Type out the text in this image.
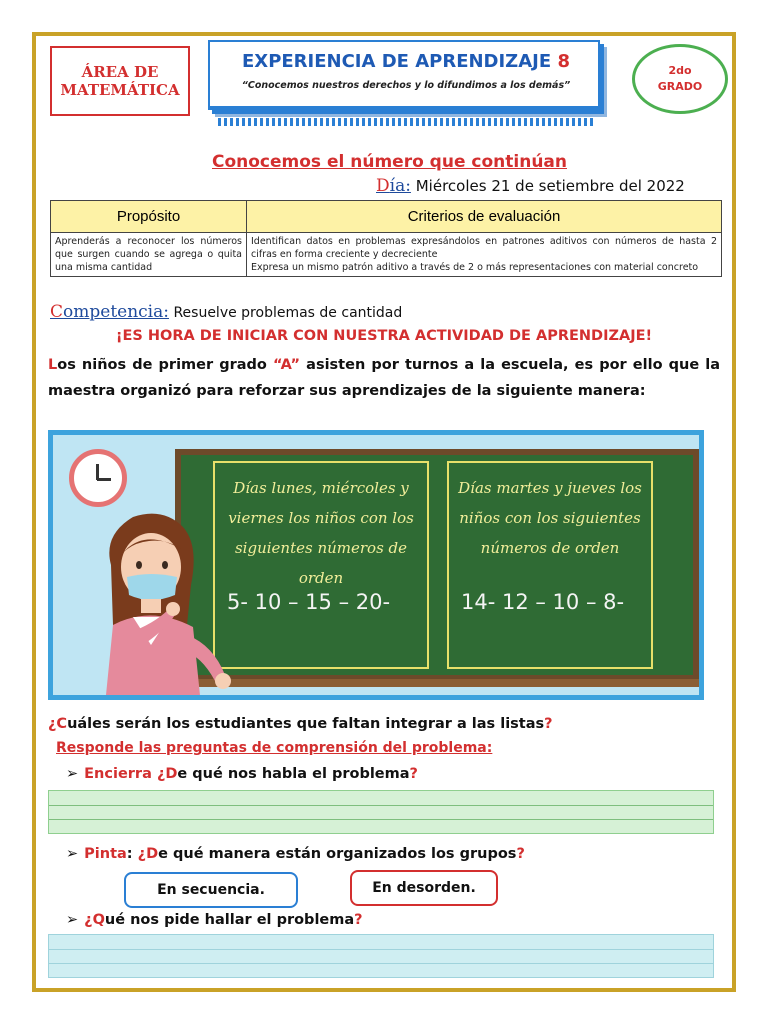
ÁREA DE
MATEMÁTICA
EXPERIENCIA DE APRENDIZAJE 8
“Conocemos nuestros derechos y lo difundimos a los demás”
2do
GRADO
Conocemos el número que continúan
Día: Miércoles 21 de setiembre del 2022
Propósito	Criterios de evaluación
Aprenderás a reconocer los números que surgen cuando se agrega o quita una misma cantidad	Identifican datos en problemas expresándolos en patrones aditivos con números de hasta 2 cifras en forma creciente y decreciente
Expresa un mismo patrón aditivo a través de 2 o más representaciones con material concreto
Competencia: Resuelve problemas de cantidad
¡ES HORA DE INICIAR CON NUESTRA ACTIVIDAD DE APRENDIZAJE!
Los niños de primer grado “A” asisten por turnos a la escuela, es por ello que la maestra organizó para reforzar sus aprendizajes de la siguiente manera:
Días lunes, miércoles y viernes los niños con los siguientes números de orden
5- 10 – 15 – 20-
Días martes y jueves los niños con los siguientes números de orden
14- 12 – 10 – 8-
¿Cuáles serán los estudiantes que faltan integrar a las listas?
Responde las preguntas de comprensión del problema:
➢ Encierra ¿De qué nos habla el problema?
➢ Pinta: ¿De qué manera están organizados los grupos?
En secuencia.	En desorden.
➢ ¿Qué nos pide hallar el problema?
